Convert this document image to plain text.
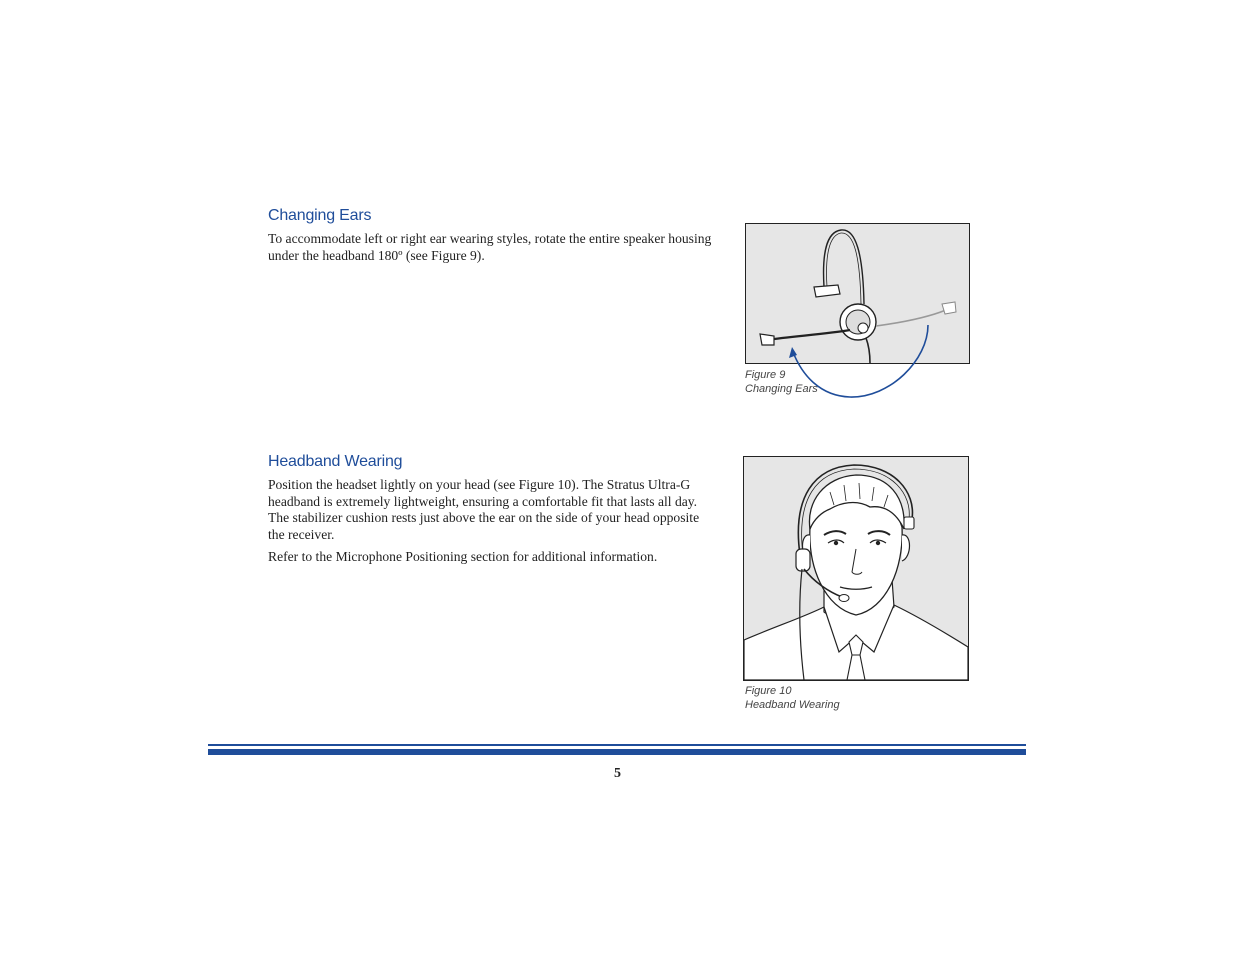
Changing Ears

To accommodate left or right ear wearing styles, rotate the entire speaker housing under the headband 180º (see Figure 9).

Figure 9
Changing Ears
Headband Wearing

Position the headset lightly on your head (see Figure 10). The Stratus Ultra-G headband is extremely lightweight, ensuring a comfortable fit that lasts all day. The stabilizer cushion rests just above the ear on the side of your head opposite the receiver.

Refer to the Microphone Positioning section for additional information.

Figure 10
Headband Wearing
5
